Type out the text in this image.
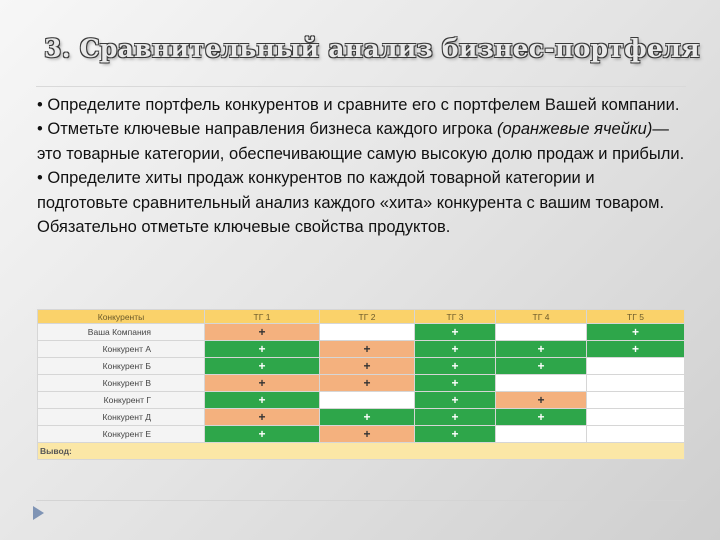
3. Сравнительный анализ бизнес-портфеля

• Определите портфель конкурентов и сравните его с портфелем Вашей компании.

• Отметьте ключевые направления бизнеса каждого игрока (оранжевые ячейки)— это товарные категории, обеспечивающие самую высокую долю продаж и прибыли.

• Определите хиты продаж конкурентов по каждой товарной категории и подготовьте сравнительный анализ каждого «хита» конкурента с вашим товаром. Обязательно отметьте ключевые свойства продуктов.

Конкуренты	ТГ 1	ТГ 2	ТГ 3	ТГ 4	ТГ 5
Ваша Компания	+		+		+
Конкурент А	+	+	+	+	+
Конкурент Б	+	+	+	+	
Конкурент В	+	+	+		
Конкурент Г	+		+	+	
Конкурент Д	+	+	+	+	
Конкурент Е	+	+	+		
Вывод:					
